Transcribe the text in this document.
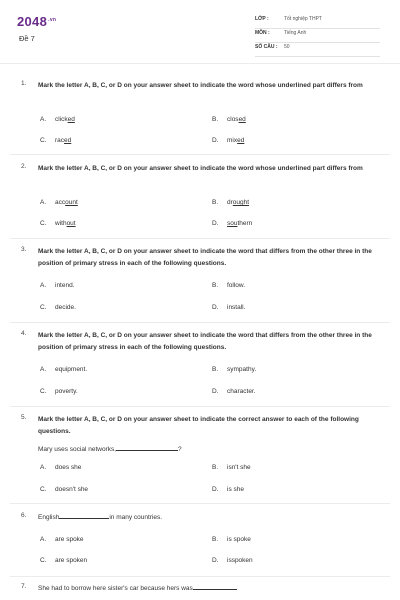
$2048^{.vn}$
Đề 7
LỚP :	Tốt nghiệp THPT
MÔN :	Tiếng Anh
SỐ CÂU : 50
1. Mark the letter A, B, C, or D on your answer sheet to indicate the word whose underlined part differs from
A. clicked	B. closed
C. raced	D. mixed
2. Mark the letter A, B, C, or D on your answer sheet to indicate the word whose underlined part differs from
A. account	B. drought
C. without	D. southern
3. Mark the letter A, B, C, or D on your answer sheet to indicate the word that differs from the other three in the position of primary stress in each of the following questions.
A. intend.	B. follow.
C. decide.	D. install.
4. Mark the letter A, B, C, or D on your answer sheet to indicate the word that differs from the other three in the position of primary stress in each of the following questions.
A. equipment.	B. sympathy.
C. poverty.	D. character.
5. Mark the letter A, B, C, or D on your answer sheet to indicate the correct answer to each of the following questions.
Mary uses social networks,	?
A. does she	B. isn't she
C. doesn't she	D. is she
6. English	in many countries.
A. are spoke	B. is spoke
C. are spoken	D. isspoken
7. She had to borrow here sister's car because hers was
